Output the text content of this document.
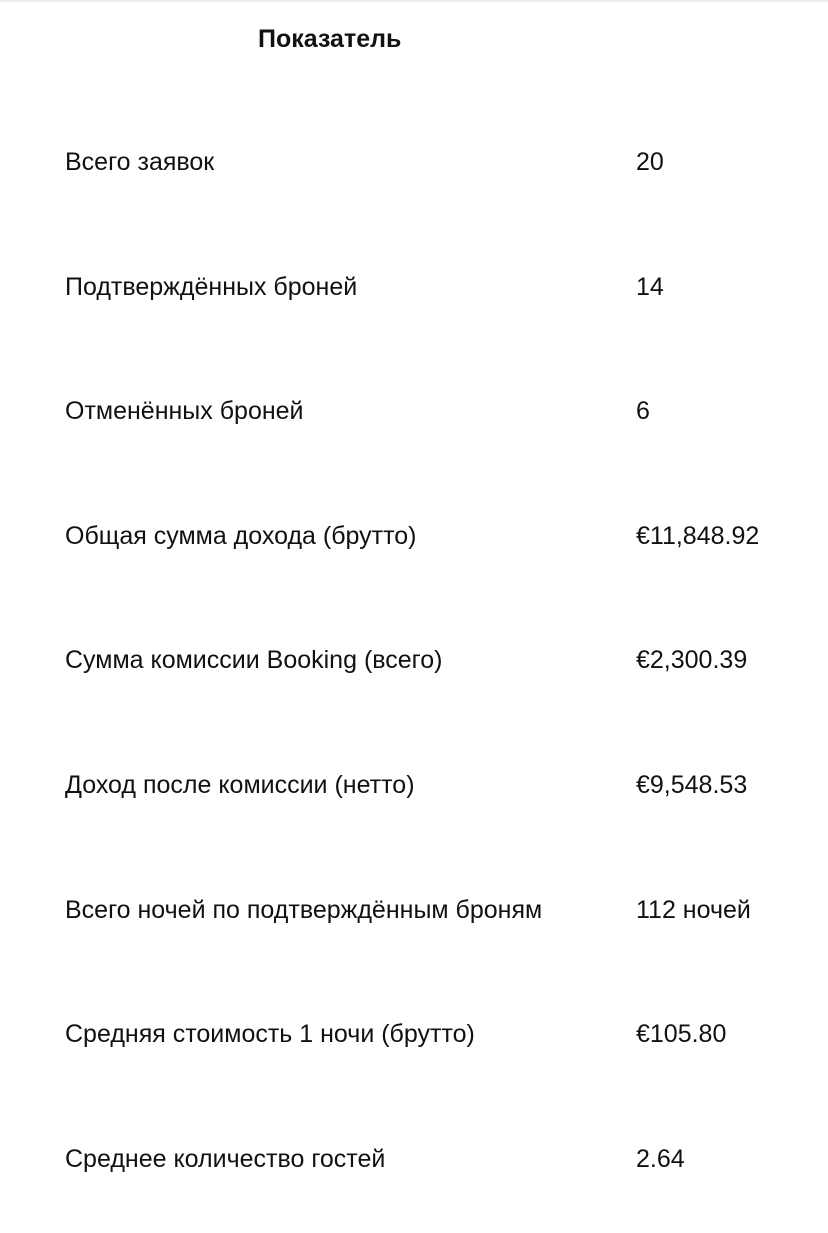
Показатель
Всего заявок	20
Подтверждённых броней	14
Отменённых броней	6
Общая сумма дохода (брутто)	€11,848.92
Сумма комиссии Booking (всего)	€2,300.39
Доход после комиссии (нетто)	€9,548.53
Всего ночей по подтверждённым броням	112 ночей
Средняя стоимость 1 ночи (брутто)	€105.80
Среднее количество гостей	2.64
